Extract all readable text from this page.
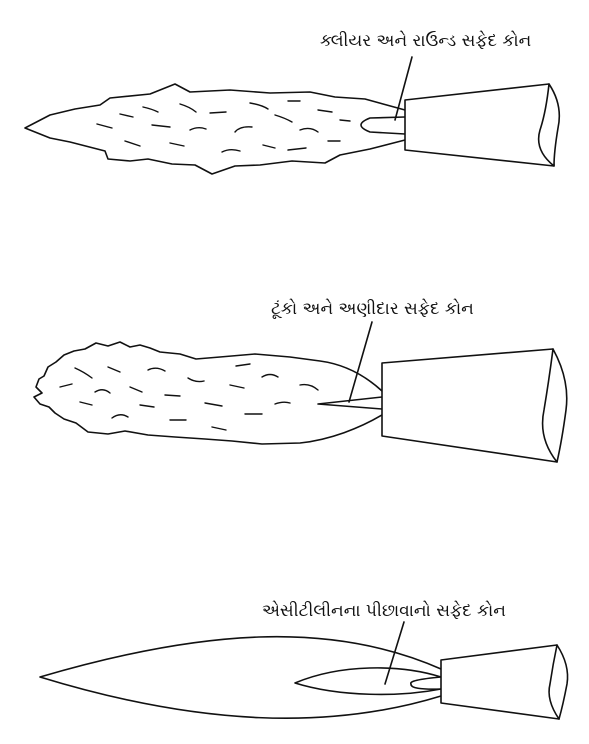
ક્લીયર અને રાઉન્ડ સફેદ કોન
ટૂંકો અને અણીદાર સફેદ કોન
એસીટીલીનના પીછાવાનો સફેદ કોન
